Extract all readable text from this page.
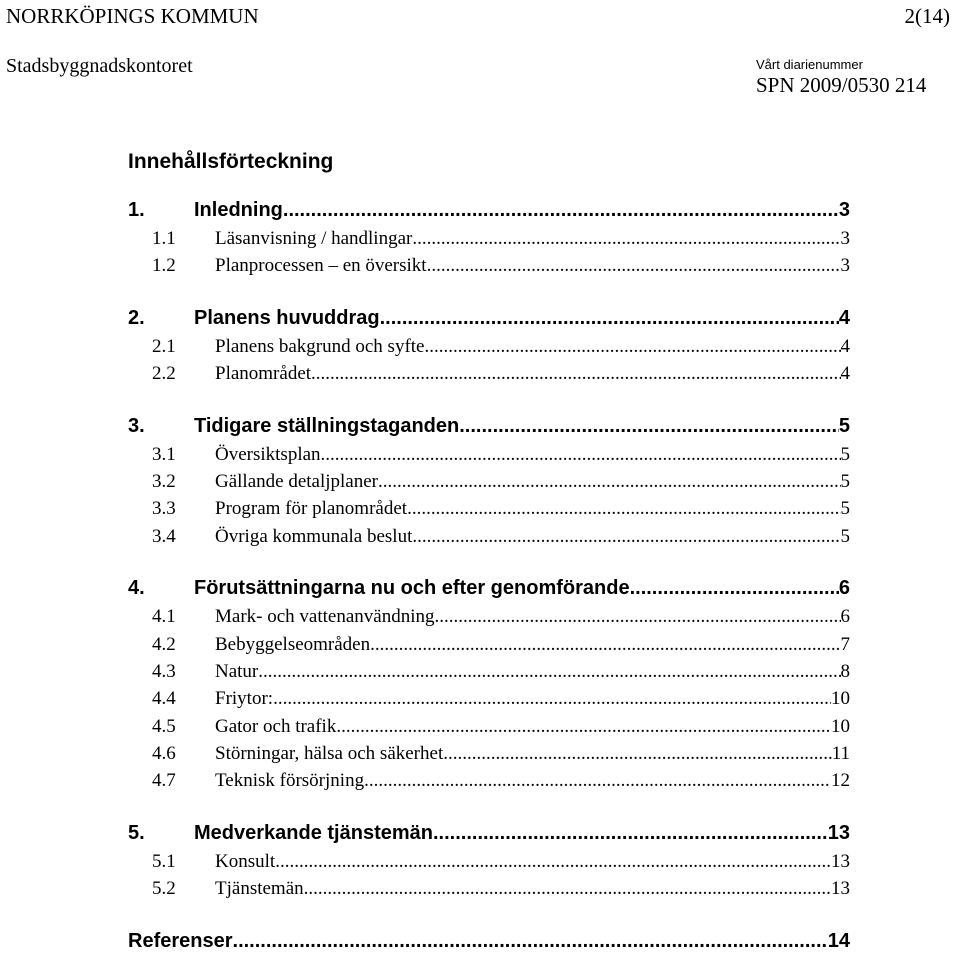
NORRKÖPINGS KOMMUN	2(14)
Stadsbyggnadskontoret	Vårt diarienummer
SPN 2009/0530 214
Innehållsförteckning
1.	Inledning .....	3
1.1	Läsanvisning / handlingar .....	3
1.2	Planprocessen – en översikt .....	3
2.	Planens huvuddrag .....	4
2.1	Planens bakgrund och syfte .....	4
2.2	Planområdet .....	4
3.	Tidigare ställningstaganden .....	5
3.1	Översiktsplan .....	5
3.2	Gällande detaljplaner .....	5
3.3	Program för planområdet .....	5
3.4	Övriga kommunala beslut .....	5
4.	Förutsättningarna nu och efter genomförande .....	6
4.1	Mark- och vattenanvändning .....	6
4.2	Bebyggelseområden .....	7
4.3	Natur .....	8
4.4	Friytor: .....	10
4.5	Gator och trafik .....	10
4.6	Störningar, hälsa och säkerhet .....	11
4.7	Teknisk försörjning .....	12
5.	Medverkande tjänstemän .....	13
5.1	Konsult .....	13
5.2	Tjänstemän .....	13
Referenser .....	14
